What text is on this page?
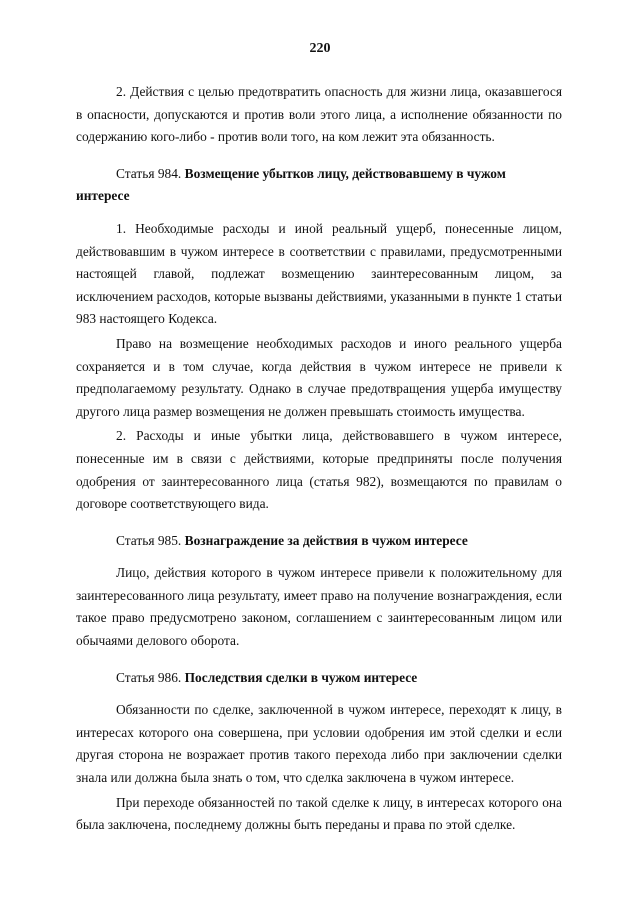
220

2. Действия с целью предотвратить опасность для жизни лица, оказавшегося в опасности, допускаются и против воли этого лица, а исполнение обязанности по содержанию кого-либо - против воли того, на ком лежит эта обязанность.

Статья 984. Возмещение убытков лицу, действовавшему в чужом интересе

1. Необходимые расходы и иной реальный ущерб, понесенные лицом, действовавшим в чужом интересе в соответствии с правилами, предусмотренными настоящей главой, подлежат возмещению заинтересованным лицом, за исключением расходов, которые вызваны действиями, указанными в пункте 1 статьи 983 настоящего Кодекса.

Право на возмещение необходимых расходов и иного реального ущерба сохраняется и в том случае, когда действия в чужом интересе не привели к предполагаемому результату. Однако в случае предотвращения ущерба имуществу другого лица размер возмещения не должен превышать стоимость имущества.

2. Расходы и иные убытки лица, действовавшего в чужом интересе, понесенные им в связи с действиями, которые предприняты после получения одобрения от заинтересованного лица (статья 982), возмещаются по правилам о договоре соответствующего вида.

Статья 985. Вознаграждение за действия в чужом интересе

Лицо, действия которого в чужом интересе привели к положительному для заинтересованного лица результату, имеет право на получение вознаграждения, если такое право предусмотрено законом, соглашением с заинтересованным лицом или обычаями делового оборота.

Статья 986. Последствия сделки в чужом интересе

Обязанности по сделке, заключенной в чужом интересе, переходят к лицу, в интересах которого она совершена, при условии одобрения им этой сделки и если другая сторона не возражает против такого перехода либо при заключении сделки знала или должна была знать о том, что сделка заключена в чужом интересе.

При переходе обязанностей по такой сделке к лицу, в интересах которого она была заключена, последнему должны быть переданы и права по этой сделке.
